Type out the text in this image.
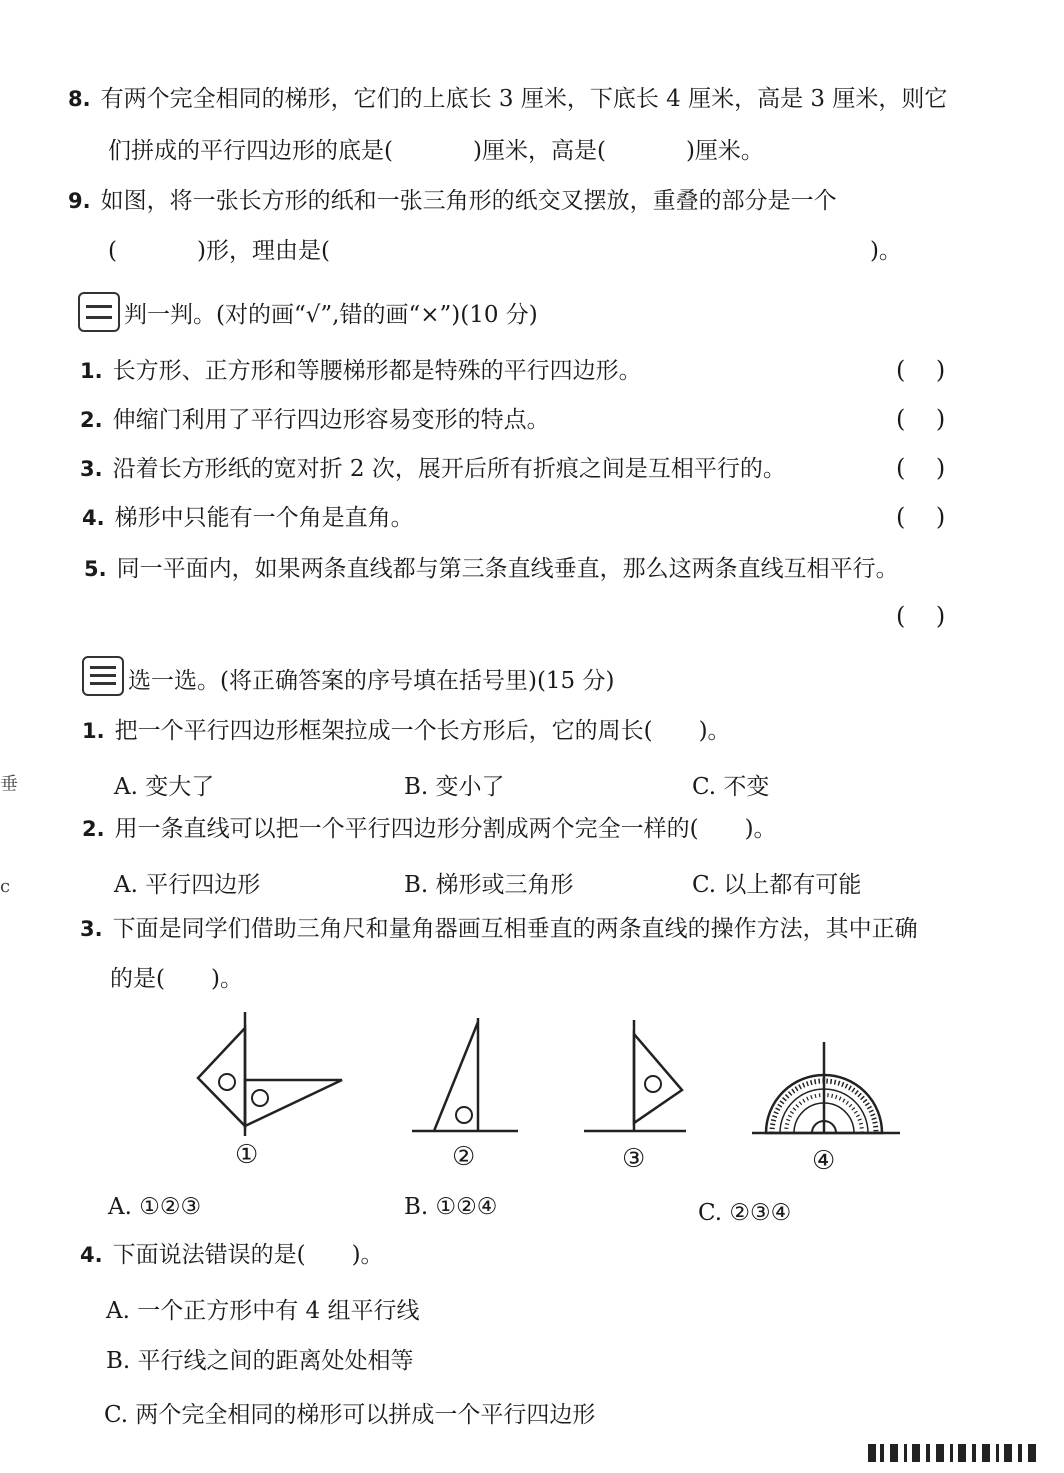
8. 有两个完全相同的梯形，它们的上底长 3 厘米，下底长 4 厘米，高是 3 厘米，则它
们拼成的平行四边形的底是(	)厘米，高是(	)厘米。
9. 如图，将一张长方形的纸和一张三角形的纸交叉摆放，重叠的部分是一个
(	)形，理由是(	)。
判一判。(对的画“√”,错的画“×”)(10 分)
1. 长方形、正方形和等腰梯形都是特殊的平行四边形。	(    )
2. 伸缩门利用了平行四边形容易变形的特点。	(    )
3. 沿着长方形纸的宽对折 2 次，展开后所有折痕之间是互相平行的。	(    )
4. 梯形中只能有一个角是直角。	(    )
5. 同一平面内，如果两条直线都与第三条直线垂直，那么这两条直线互相平行。
(    )
选一选。(将正确答案的序号填在括号里)(15 分)
1. 把一个平行四边形框架拉成一个长方形后，它的周长(　　)。
A. 变大了	B. 变小了	C. 不变
2. 用一条直线可以把一个平行四边形分割成两个完全一样的(　　)。
A. 平行四边形	B. 梯形或三角形	C. 以上都有可能
3. 下面是同学们借助三角尺和量角器画互相垂直的两条直线的操作方法，其中正确
的是(　　)。
①	②	③	④
A. ①②③	B. ①②④	C. ②③④
4. 下面说法错误的是(　　)。
A. 一个正方形中有 4 组平行线
B. 平行线之间的距离处处相等
C. 两个完全相同的梯形可以拼成一个平行四边形
垂
c
